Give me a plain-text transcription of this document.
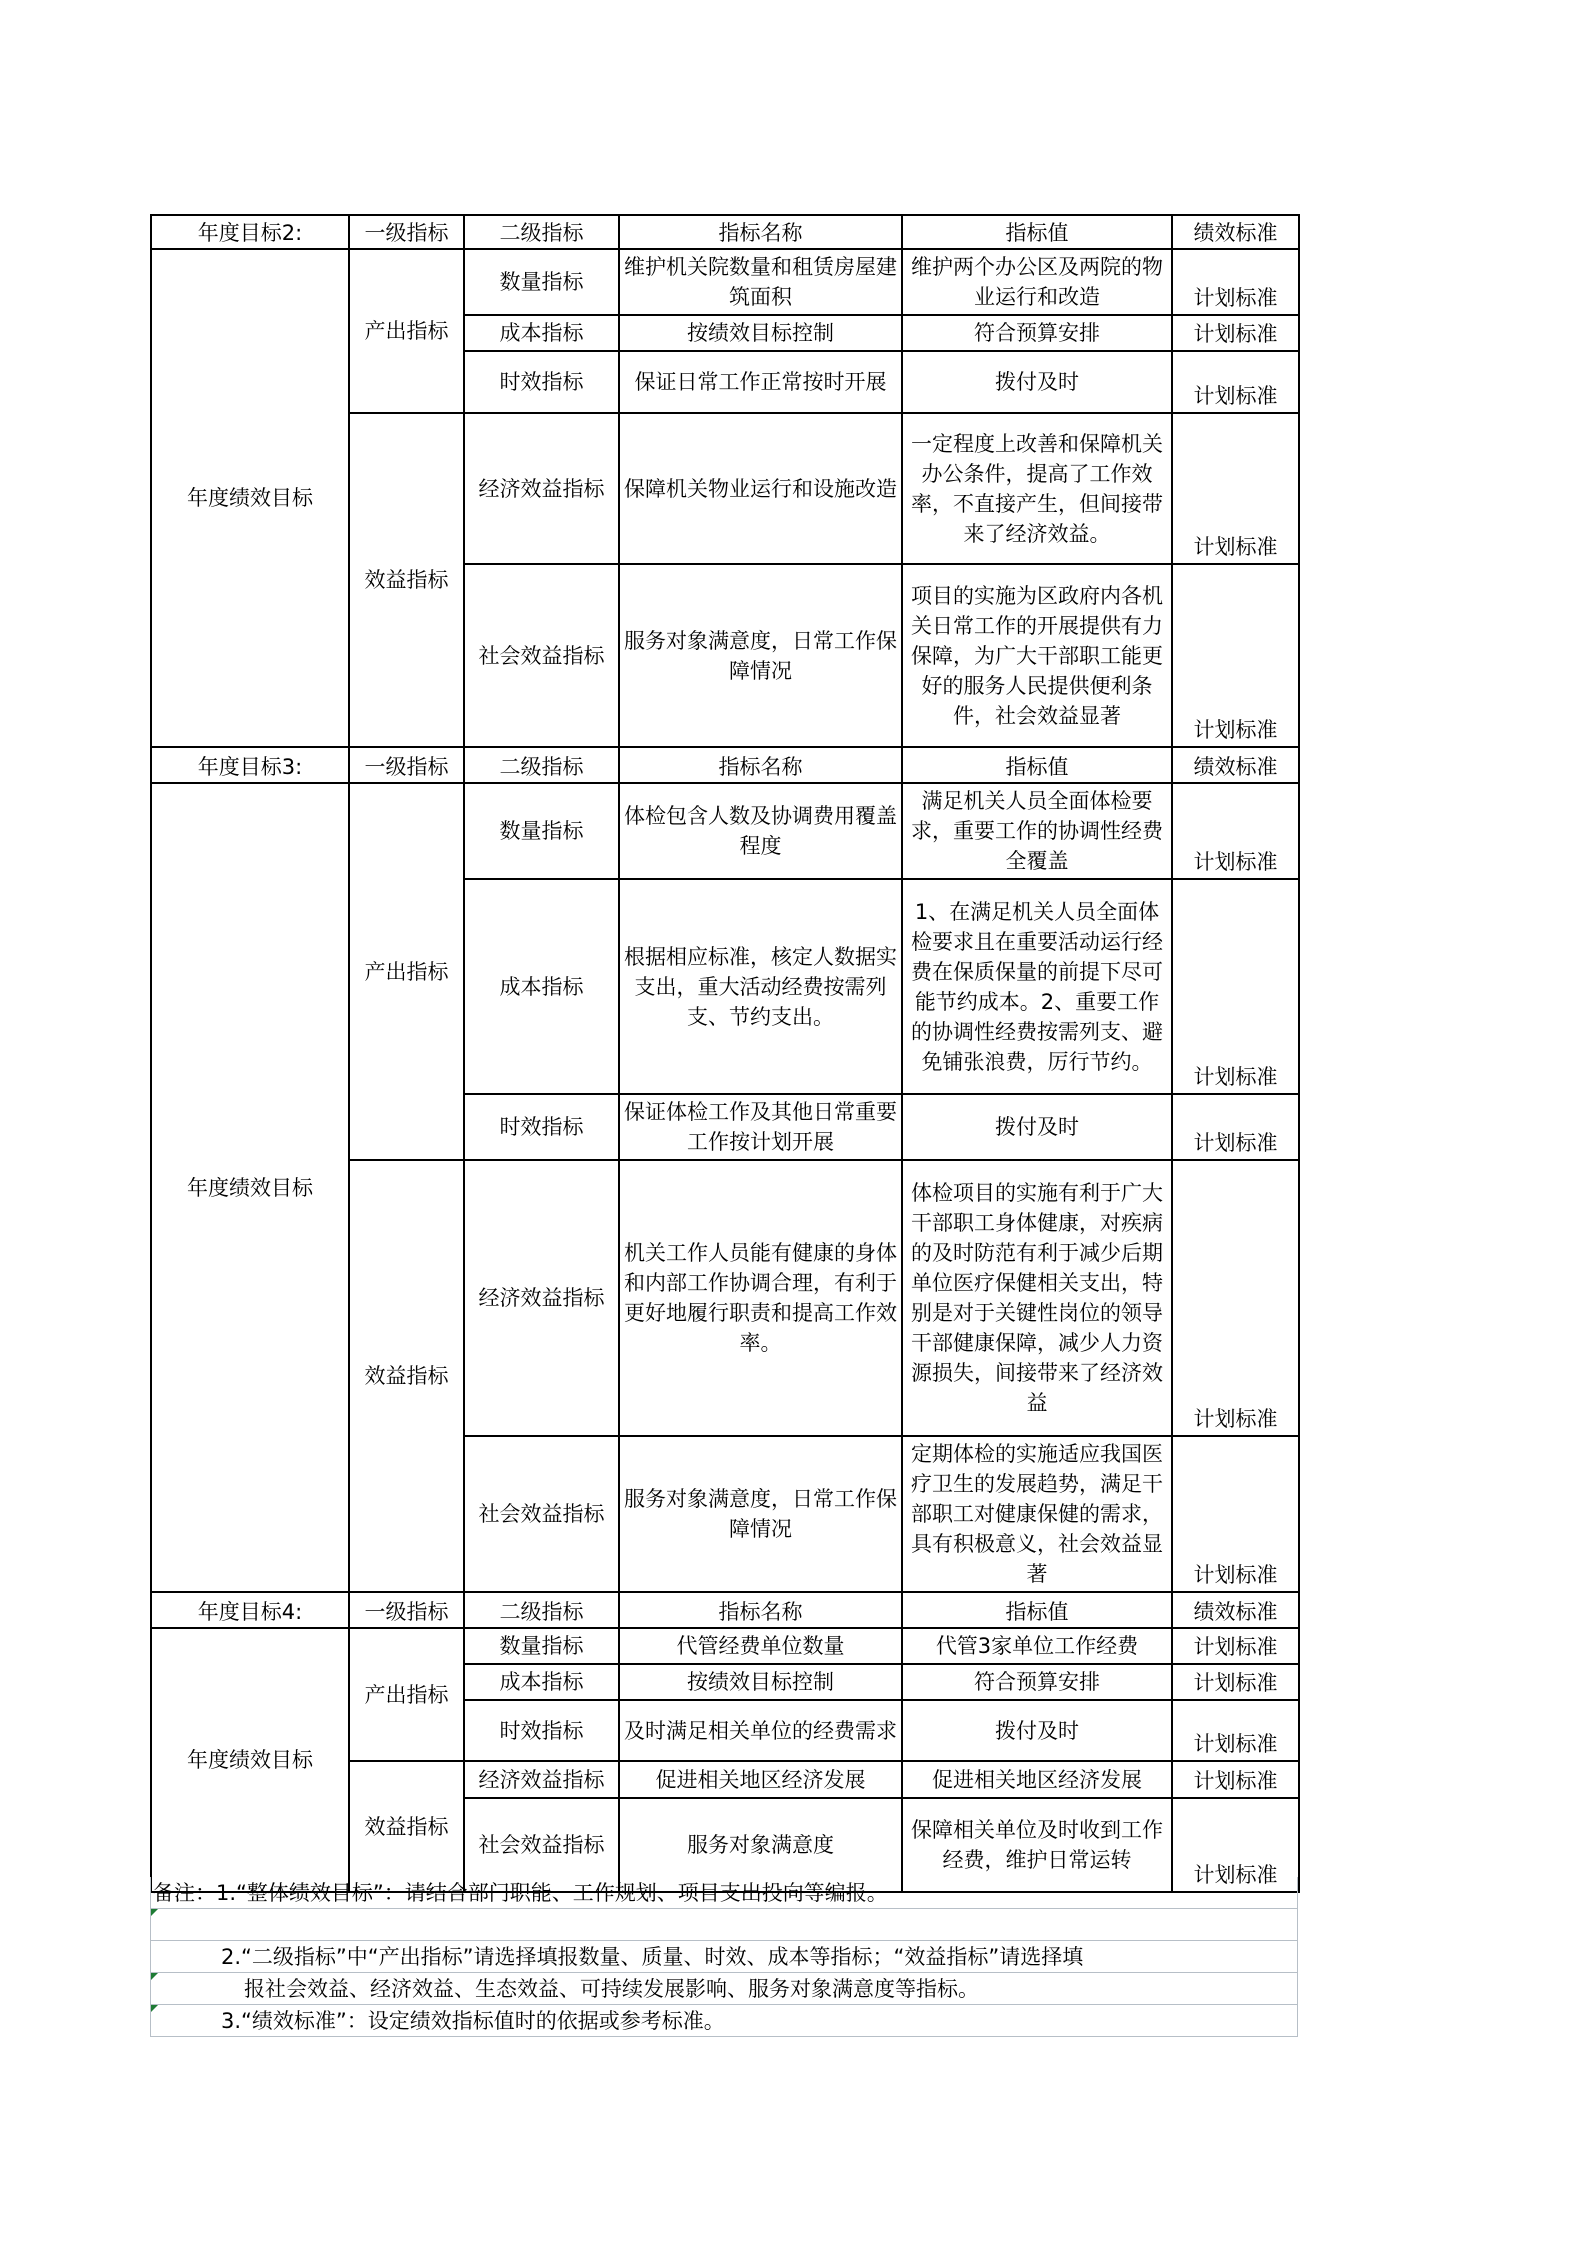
年度目标2:	一级指标	二级指标	指标名称	指标值	绩效标准
年度绩效目标	产出指标	数量指标	维护机关院数量和租赁房屋建筑面积	维护两个办公区及两院的物业运行和改造	计划标准
		成本指标	按绩效目标控制	符合预算安排	计划标准
		时效指标	保证日常工作正常按时开展	拨付及时	计划标准
	效益指标	经济效益指标	保障机关物业运行和设施改造	一定程度上改善和保障机关办公条件，提高了工作效率，不直接产生，但间接带来了经济效益。	计划标准
		社会效益指标	服务对象满意度，日常工作保障情况	项目的实施为区政府内各机关日常工作的开展提供有力保障，为广大干部职工能更好的服务人民提供便利条件，社会效益显著	计划标准
年度目标3:	一级指标	二级指标	指标名称	指标值	绩效标准
年度绩效目标	产出指标	数量指标	体检包含人数及协调费用覆盖程度	满足机关人员全面体检要求，重要工作的协调性经费全覆盖	计划标准
		成本指标	根据相应标准，核定人数据实支出，重大活动经费按需列支、节约支出。	1、在满足机关人员全面体检要求且在重要活动运行经费在保质保量的前提下尽可能节约成本。2、重要工作的协调性经费按需列支、避免铺张浪费，厉行节约。	计划标准
		时效指标	保证体检工作及其他日常重要工作按计划开展	拨付及时	计划标准
	效益指标	经济效益指标	机关工作人员能有健康的身体和内部工作协调合理，有利于更好地履行职责和提高工作效率。	体检项目的实施有利于广大干部职工身体健康，对疾病的及时防范有利于减少后期单位医疗保健相关支出，特别是对于关键性岗位的领导干部健康保障，减少人力资源损失，间接带来了经济效益	计划标准
		社会效益指标	服务对象满意度，日常工作保障情况	定期体检的实施适应我国医疗卫生的发展趋势，满足干部职工对健康保健的需求，具有积极意义，社会效益显著	计划标准
年度目标4:	一级指标	二级指标	指标名称	指标值	绩效标准
年度绩效目标	产出指标	数量指标	代管经费单位数量	代管3家单位工作经费	计划标准
		成本指标	按绩效目标控制	符合预算安排	计划标准
		时效指标	及时满足相关单位的经费需求	拨付及时	计划标准
	效益指标	经济效益指标	促进相关地区经济发展	促进相关地区经济发展	计划标准
		社会效益指标	服务对象满意度	保障相关单位及时收到工作经费，维护日常运转	计划标准
备注：1.“整体绩效目标”：请结合部门职能、工作规划、项目支出投向等编报。
2.“二级指标”中“产出指标”请选择填报数量、质量、时效、成本等指标；“效益指标”请选择填
报社会效益、经济效益、生态效益、可持续发展影响、服务对象满意度等指标。
3.“绩效标准”：设定绩效指标值时的依据或参考标准。
